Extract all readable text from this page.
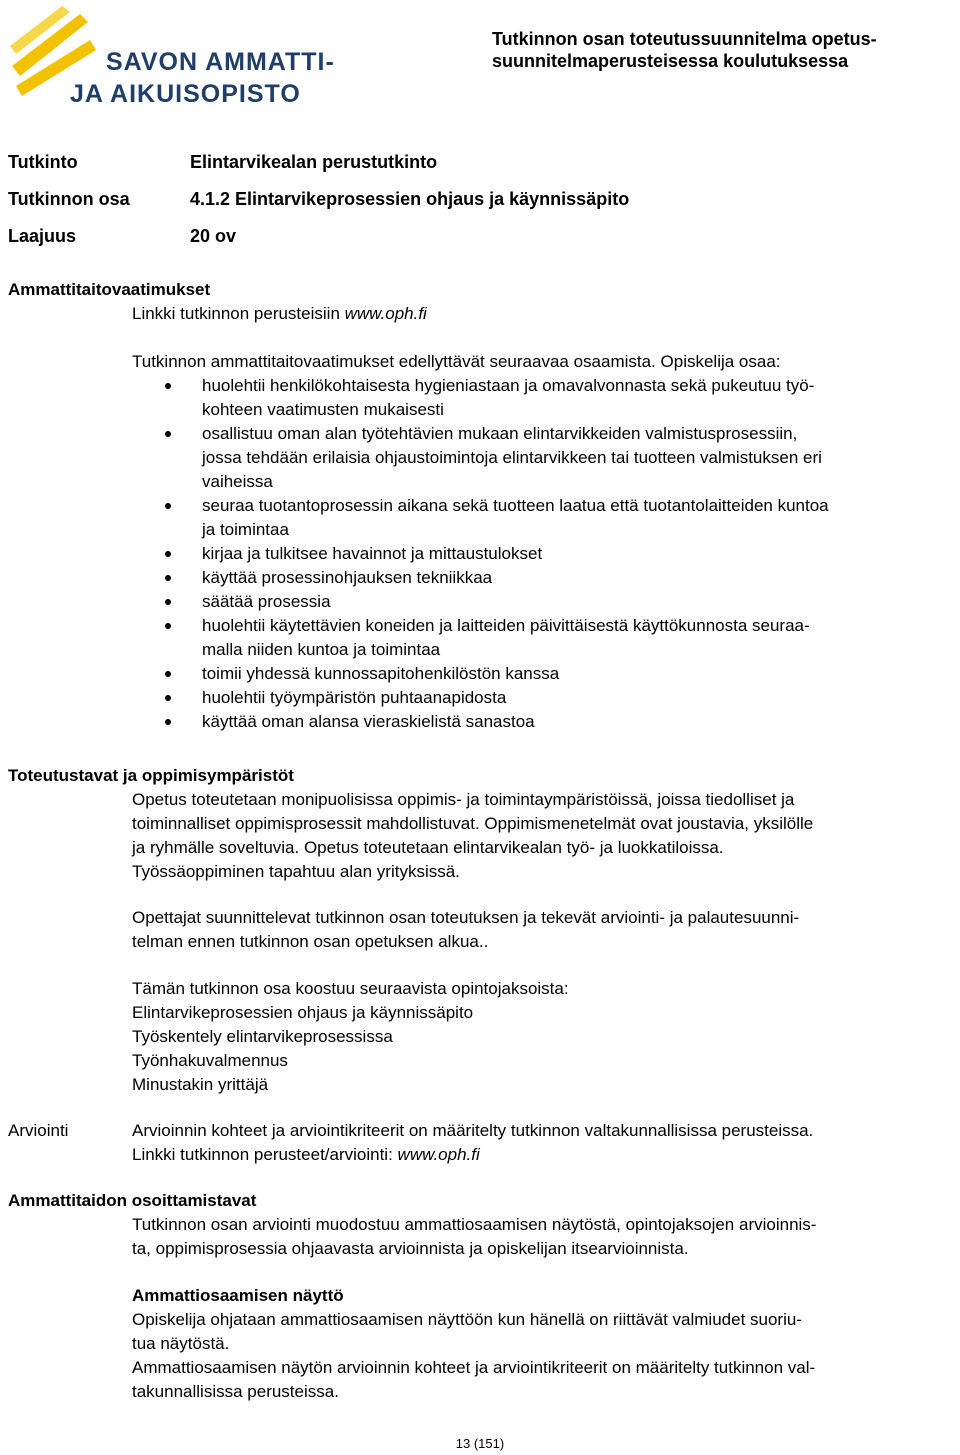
SAVON AMMATTI-
JA AIKUISOPISTO
Tutkinnon osan toteutussuunnitelma opetus-suunnitelmaperusteisessa koulutuksessa
Tutkinto	Elintarvikealan perustutkinto
Tutkinnon osa	4.1.2 Elintarvikeprosessien ohjaus ja käynnissäpito
Laajuus	20 ov
Ammattitaitovaatimukset
Linkki tutkinnon perusteisiin www.oph.fi
Tutkinnon ammattitaitovaatimukset edellyttävät seuraavaa osaamista. Opiskelija osaa:
huolehtii henkilökohtaisesta hygieniastaan ja omavalvonnasta sekä pukeutuu työ-
kohteen vaatimusten mukaisesti
osallistuu oman alan työtehtävien mukaan elintarvikkeiden valmistusprosessiin,
jossa tehdään erilaisia ohjaustoimintoja elintarvikkeen tai tuotteen valmistuksen eri
vaiheissa
seuraa tuotantoprosessin aikana sekä tuotteen laatua että tuotantolaitteiden kuntoa
ja toimintaa
kirjaa ja tulkitsee havainnot ja mittaustulokset
käyttää prosessinohjauksen tekniikkaa
säätää prosessia
huolehtii käytettävien koneiden ja laitteiden päivittäisestä käyttökunnosta seuraa-
malla niiden kuntoa ja toimintaa
toimii yhdessä kunnossapitohenkilöstön kanssa
huolehtii työympäristön puhtaanapidosta
käyttää oman alansa vieraskielistä sanastoa
Toteutustavat ja oppimisympäristöt
Opetus toteutetaan monipuolisissa oppimis- ja toimintaympäristöissä, joissa tiedolliset ja
toiminnalliset oppimisprosessit mahdollistuvat. Oppimismenetelmät ovat joustavia, yksilölle
ja ryhmälle soveltuvia. Opetus toteutetaan elintarvikealan työ- ja luokkatiloissa.
Työssäoppiminen tapahtuu alan yrityksissä.
Opettajat suunnittelevat tutkinnon osan toteutuksen ja tekevät arviointi- ja palautesuunni-
telman ennen tutkinnon osan opetuksen alkua..
Tämän tutkinnon osa koostuu seuraavista opintojaksoista:
Elintarvikeprosessien ohjaus ja käynnissäpito
Työskentely elintarvikeprosessissa
Työnhakuvalmennus
Minustakin yrittäjä
Arviointi	Arvioinnin kohteet ja arviointikriteerit on määritelty tutkinnon valtakunnallisissa perusteissa.
Linkki tutkinnon perusteet/arviointi: www.oph.fi
Ammattitaidon osoittamistavat
Tutkinnon osan arviointi muodostuu ammattiosaamisen näytöstä, opintojaksojen arvioinnis-
ta, oppimisprosessia ohjaavasta arvioinnista ja opiskelijan itsearvioinnista.
Ammattiosaamisen näyttö
Opiskelija ohjataan ammattiosaamisen näyttöön kun hänellä on riittävät valmiudet suoriu-
tua näytöstä.
Ammattiosaamisen näytön arvioinnin kohteet ja arviointikriteerit on määritelty tutkinnon val-
takunnallisissa perusteissa.
13 (151)
